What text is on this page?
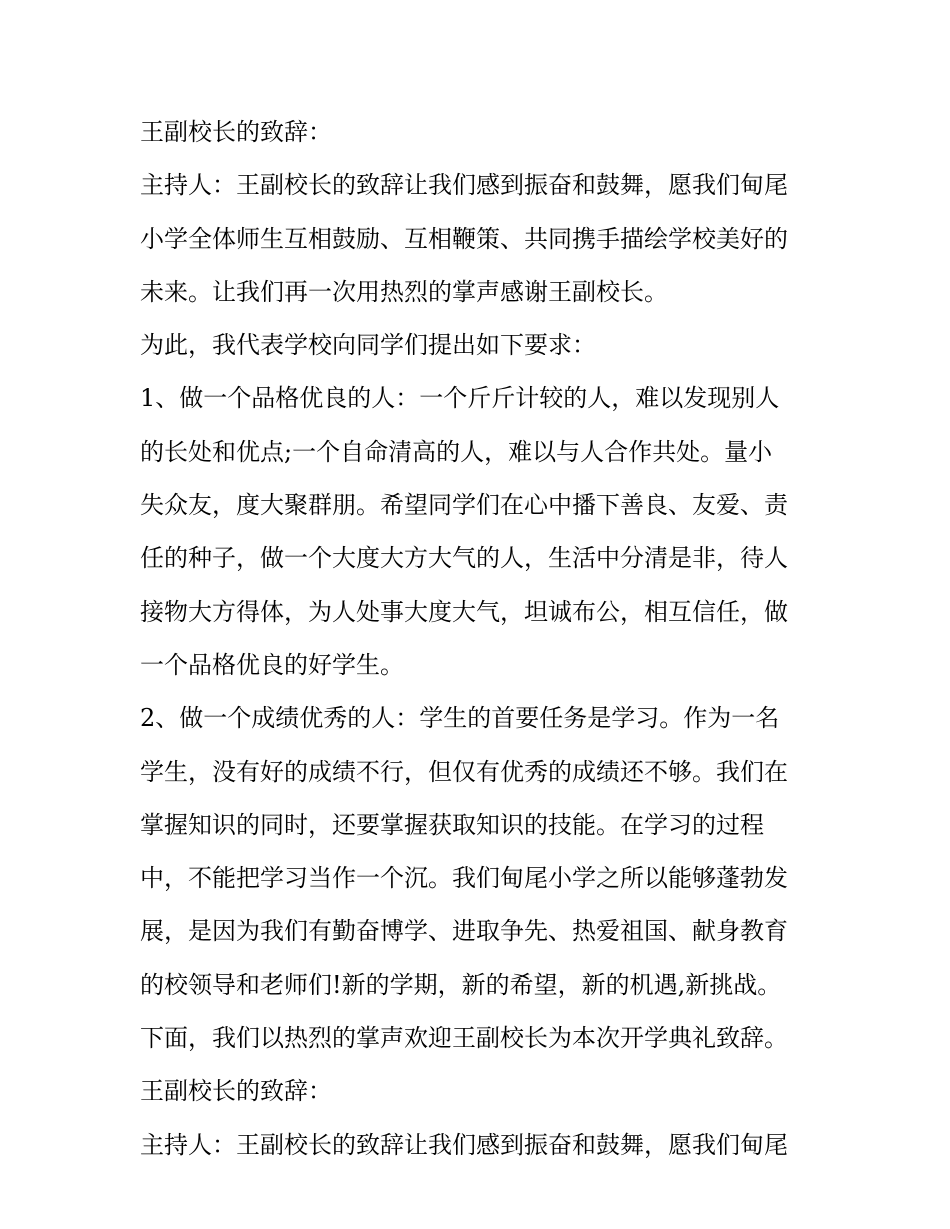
王副校长的致辞：

主持人：王副校长的致辞让我们感到振奋和鼓舞，愿我们甸尾

小学全体师生互相鼓励、互相鞭策、共同携手描绘学校美好的

未来。让我们再一次用热烈的掌声感谢王副校长。

为此，我代表学校向同学们提出如下要求：

1、做一个品格优良的人：一个斤斤计较的人，难以发现别人

的长处和优点;一个自命清高的人，难以与人合作共处。量小

失众友，度大聚群朋。希望同学们在心中播下善良、友爱、责

任的种子，做一个大度大方大气的人，生活中分清是非，待人

接物大方得体，为人处事大度大气，坦诚布公，相互信任，做

一个品格优良的好学生。

2、做一个成绩优秀的人：学生的首要任务是学习。作为一名

学生，没有好的成绩不行，但仅有优秀的成绩还不够。我们在

掌握知识的同时，还要掌握获取知识的技能。在学习的过程

中，不能把学习当作一个沉。我们甸尾小学之所以能够蓬勃发

展，是因为我们有勤奋博学、进取争先、热爱祖国、献身教育

的校领导和老师们!新的学期，新的希望，新的机遇,新挑战。

下面，我们以热烈的掌声欢迎王副校长为本次开学典礼致辞。

王副校长的致辞：

主持人：王副校长的致辞让我们感到振奋和鼓舞，愿我们甸尾
